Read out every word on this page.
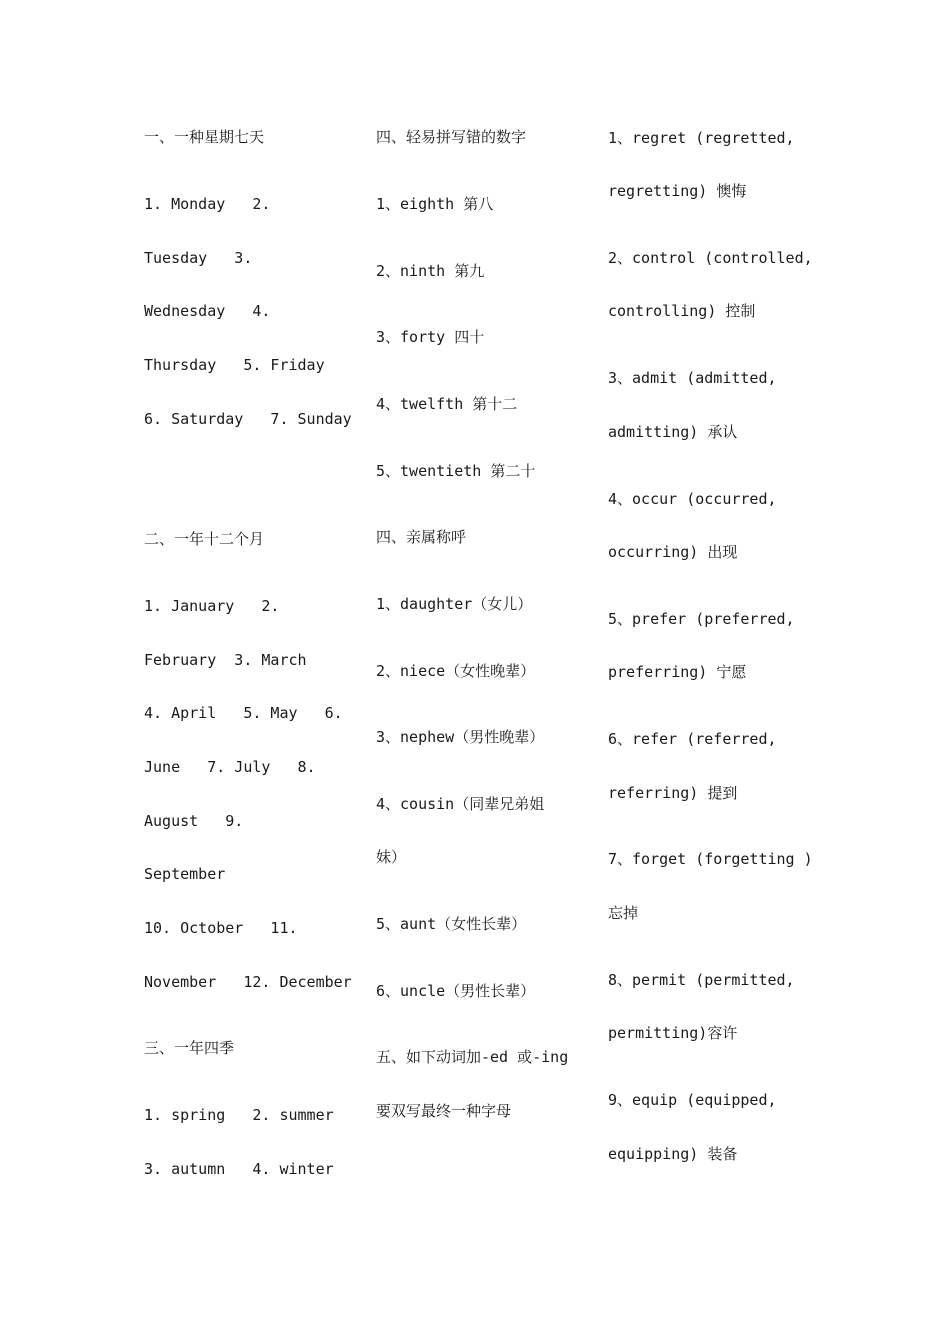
一、一种星期七天
1. Monday   2.
Tuesday   3.
Wednesday   4.
Thursday   5. Friday
6. Saturday   7. Sunday
二、一年十二个月
1. January   2.
February  3. March
4. April   5. May   6.
June   7. July   8.
August   9.
September
10. October   11.
November   12. December
三、一年四季
1. spring   2. summer
3. autumn   4. winter
四、轻易拼写错的数字
1、eighth 第八
2、ninth 第九
3、forty 四十
4、twelfth 第十二
5、twentieth 第二十
四、亲属称呼
1、daughter（女儿）
2、niece（女性晚辈）
3、nephew（男性晚辈）
4、cousin（同辈兄弟姐
妹）
5、aunt（女性长辈）
6、uncle（男性长辈）
五、如下动词加-ed 或-ing
要双写最终一种字母
1、regret (regretted,
regretting) 懊悔
2、control (controlled,
controlling) 控制
3、admit (admitted,
admitting) 承认
4、occur (occurred,
occurring) 出现
5、prefer (preferred,
preferring) 宁愿
6、refer (referred,
referring) 提到
7、forget (forgetting )
忘掉
8、permit (permitted,
permitting)容许
9、equip (equipped,
equipping) 装备
